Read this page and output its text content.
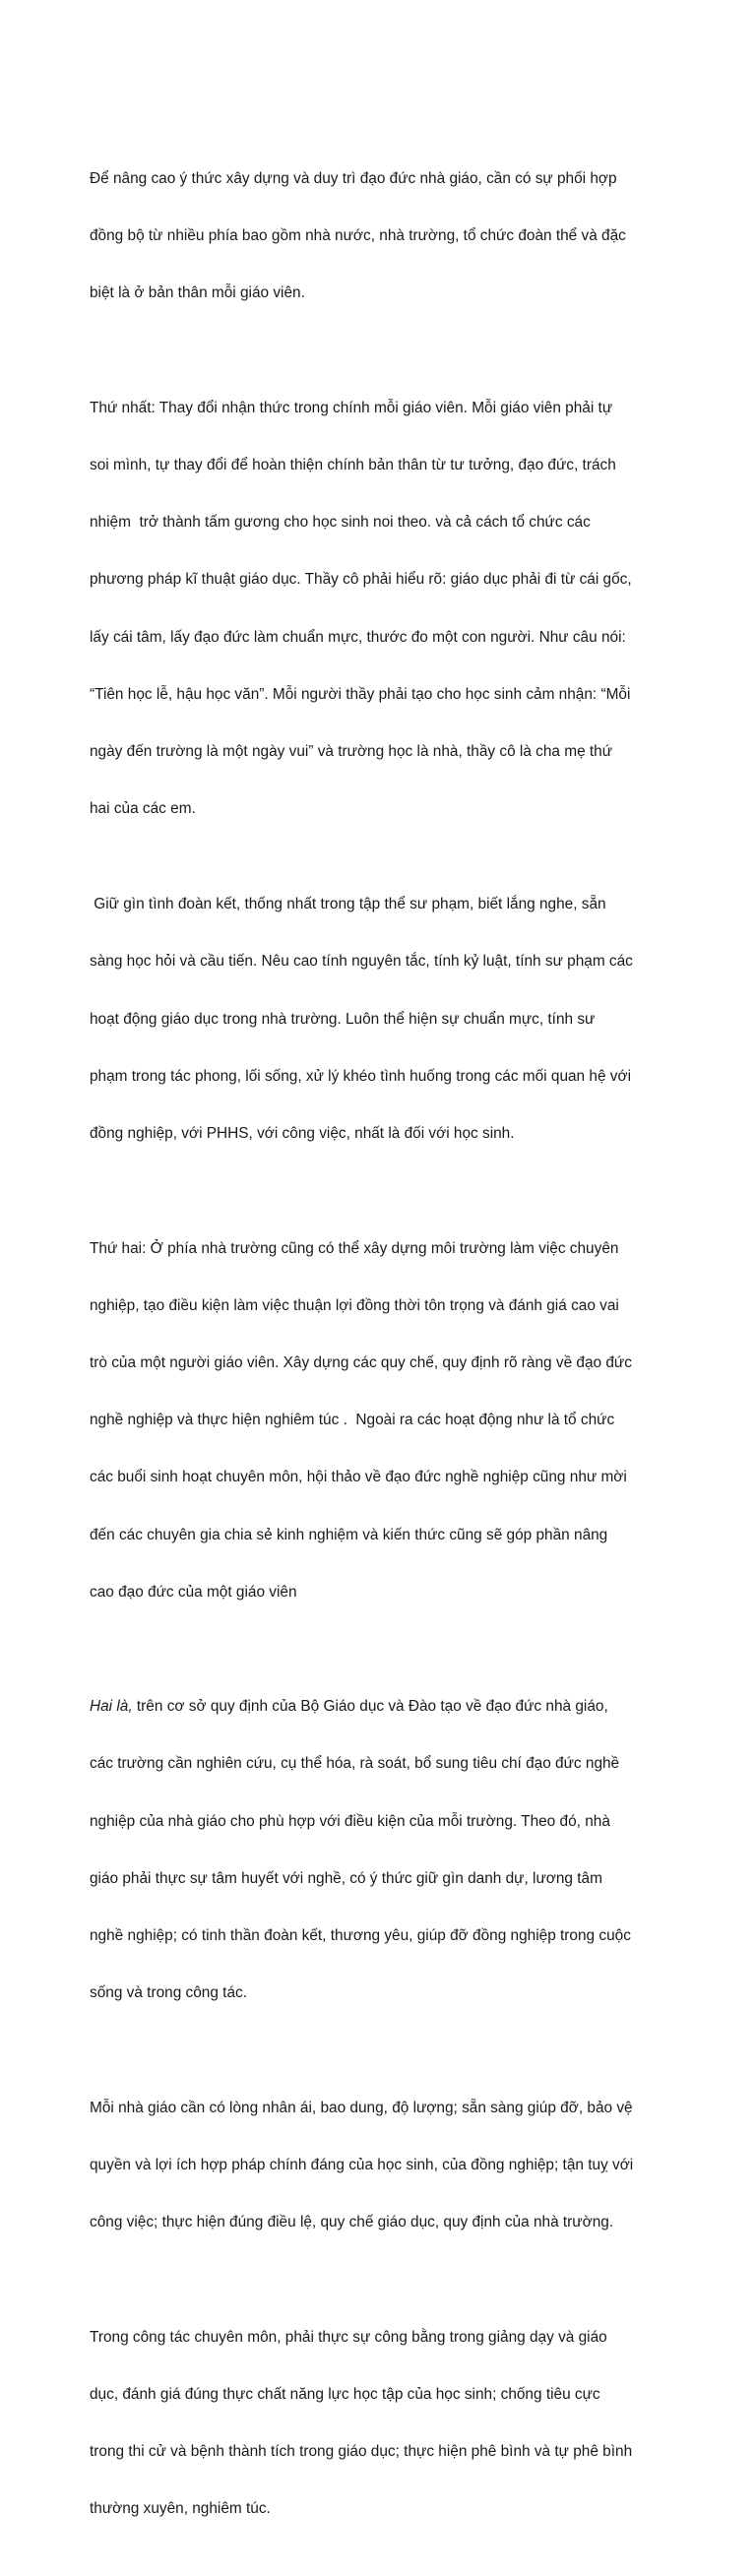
Để nâng cao ý thức xây dựng và duy trì đạo đức nhà giáo, cần có sự phối hợp

đồng bộ từ nhiều phía bao gồm nhà nước, nhà trường, tổ chức đoàn thể và đặc

biệt là ở bản thân mỗi giáo viên.

Thứ nhất: Thay đổi nhận thức trong chính mỗi giáo viên. Mỗi giáo viên phải tự

soi mình, tự thay đổi để hoàn thiện chính bản thân từ tư tưởng, đạo đức, trách

nhiệm  trở thành tấm gương cho học sinh noi theo. và cả cách tổ chức các

phương pháp kĩ thuật giáo dục. Thầy cô phải hiểu rõ: giáo dục phải đi từ cái gốc,

lấy cái tâm, lấy đạo đức làm chuẩn mực, thước đo một con người. Như câu nói:

“Tiên học lễ, hậu học văn”. Mỗi người thầy phải tạo cho học sinh cảm nhận: “Mỗi

ngày đến trường là một ngày vui” và trường học là nhà, thầy cô là cha mẹ thứ

hai của các em.

Giữ gìn tình đoàn kết, thống nhất trong tập thể sư phạm, biết lắng nghe, sẵn

sàng học hỏi và cầu tiến. Nêu cao tính nguyên tắc, tính kỷ luật, tính sư phạm các

hoạt động giáo dục trong nhà trường. Luôn thể hiện sự chuẩn mực, tính sư

phạm trong tác phong, lối sống, xử lý khéo tình huống trong các mối quan hệ với

đồng nghiệp, với PHHS, với công việc, nhất là đối với học sinh.

Thứ hai: Ở phía nhà trường cũng có thể xây dựng môi trường làm việc chuyên

nghiệp, tạo điều kiện làm việc thuận lợi đồng thời tôn trọng và đánh giá cao vai

trò của một người giáo viên. Xây dựng các quy chế, quy định rõ ràng về đạo đức

nghề nghiệp và thực hiện nghiêm túc .  Ngoài ra các hoạt động như là tổ chức

các buổi sinh hoạt chuyên môn, hội thảo về đạo đức nghề nghiệp cũng như mời

đến các chuyên gia chia sẻ kinh nghiệm và kiến thức cũng sẽ góp phần nâng

cao đạo đức của một giáo viên

Hai là, trên cơ sở quy định của Bộ Giáo dục và Đào tạo về đạo đức nhà giáo,

các trường cần nghiên cứu, cụ thể hóa, rà soát, bổ sung tiêu chí đạo đức nghề

nghiệp của nhà giáo cho phù hợp với điều kiện của mỗi trường. Theo đó, nhà

giáo phải thực sự tâm huyết với nghề, có ý thức giữ gìn danh dự, lương tâm

nghề nghiệp; có tinh thần đoàn kết, thương yêu, giúp đỡ đồng nghiệp trong cuộc

sống và trong công tác.

Mỗi nhà giáo cần có lòng nhân ái, bao dung, độ lượng; sẵn sàng giúp đỡ, bảo vệ

quyền và lợi ích hợp pháp chính đáng của học sinh, của đồng nghiệp; tận tuỵ với

công việc; thực hiện đúng điều lệ, quy chế giáo dục, quy định của nhà trường.

Trong công tác chuyên môn, phải thực sự công bằng trong giảng dạy và giáo

dục, đánh giá đúng thực chất năng lực học tập của học sinh; chống tiêu cực

trong thi cử và bệnh thành tích trong giáo dục; thực hiện phê bình và tự phê bình

thường xuyên, nghiêm túc.
